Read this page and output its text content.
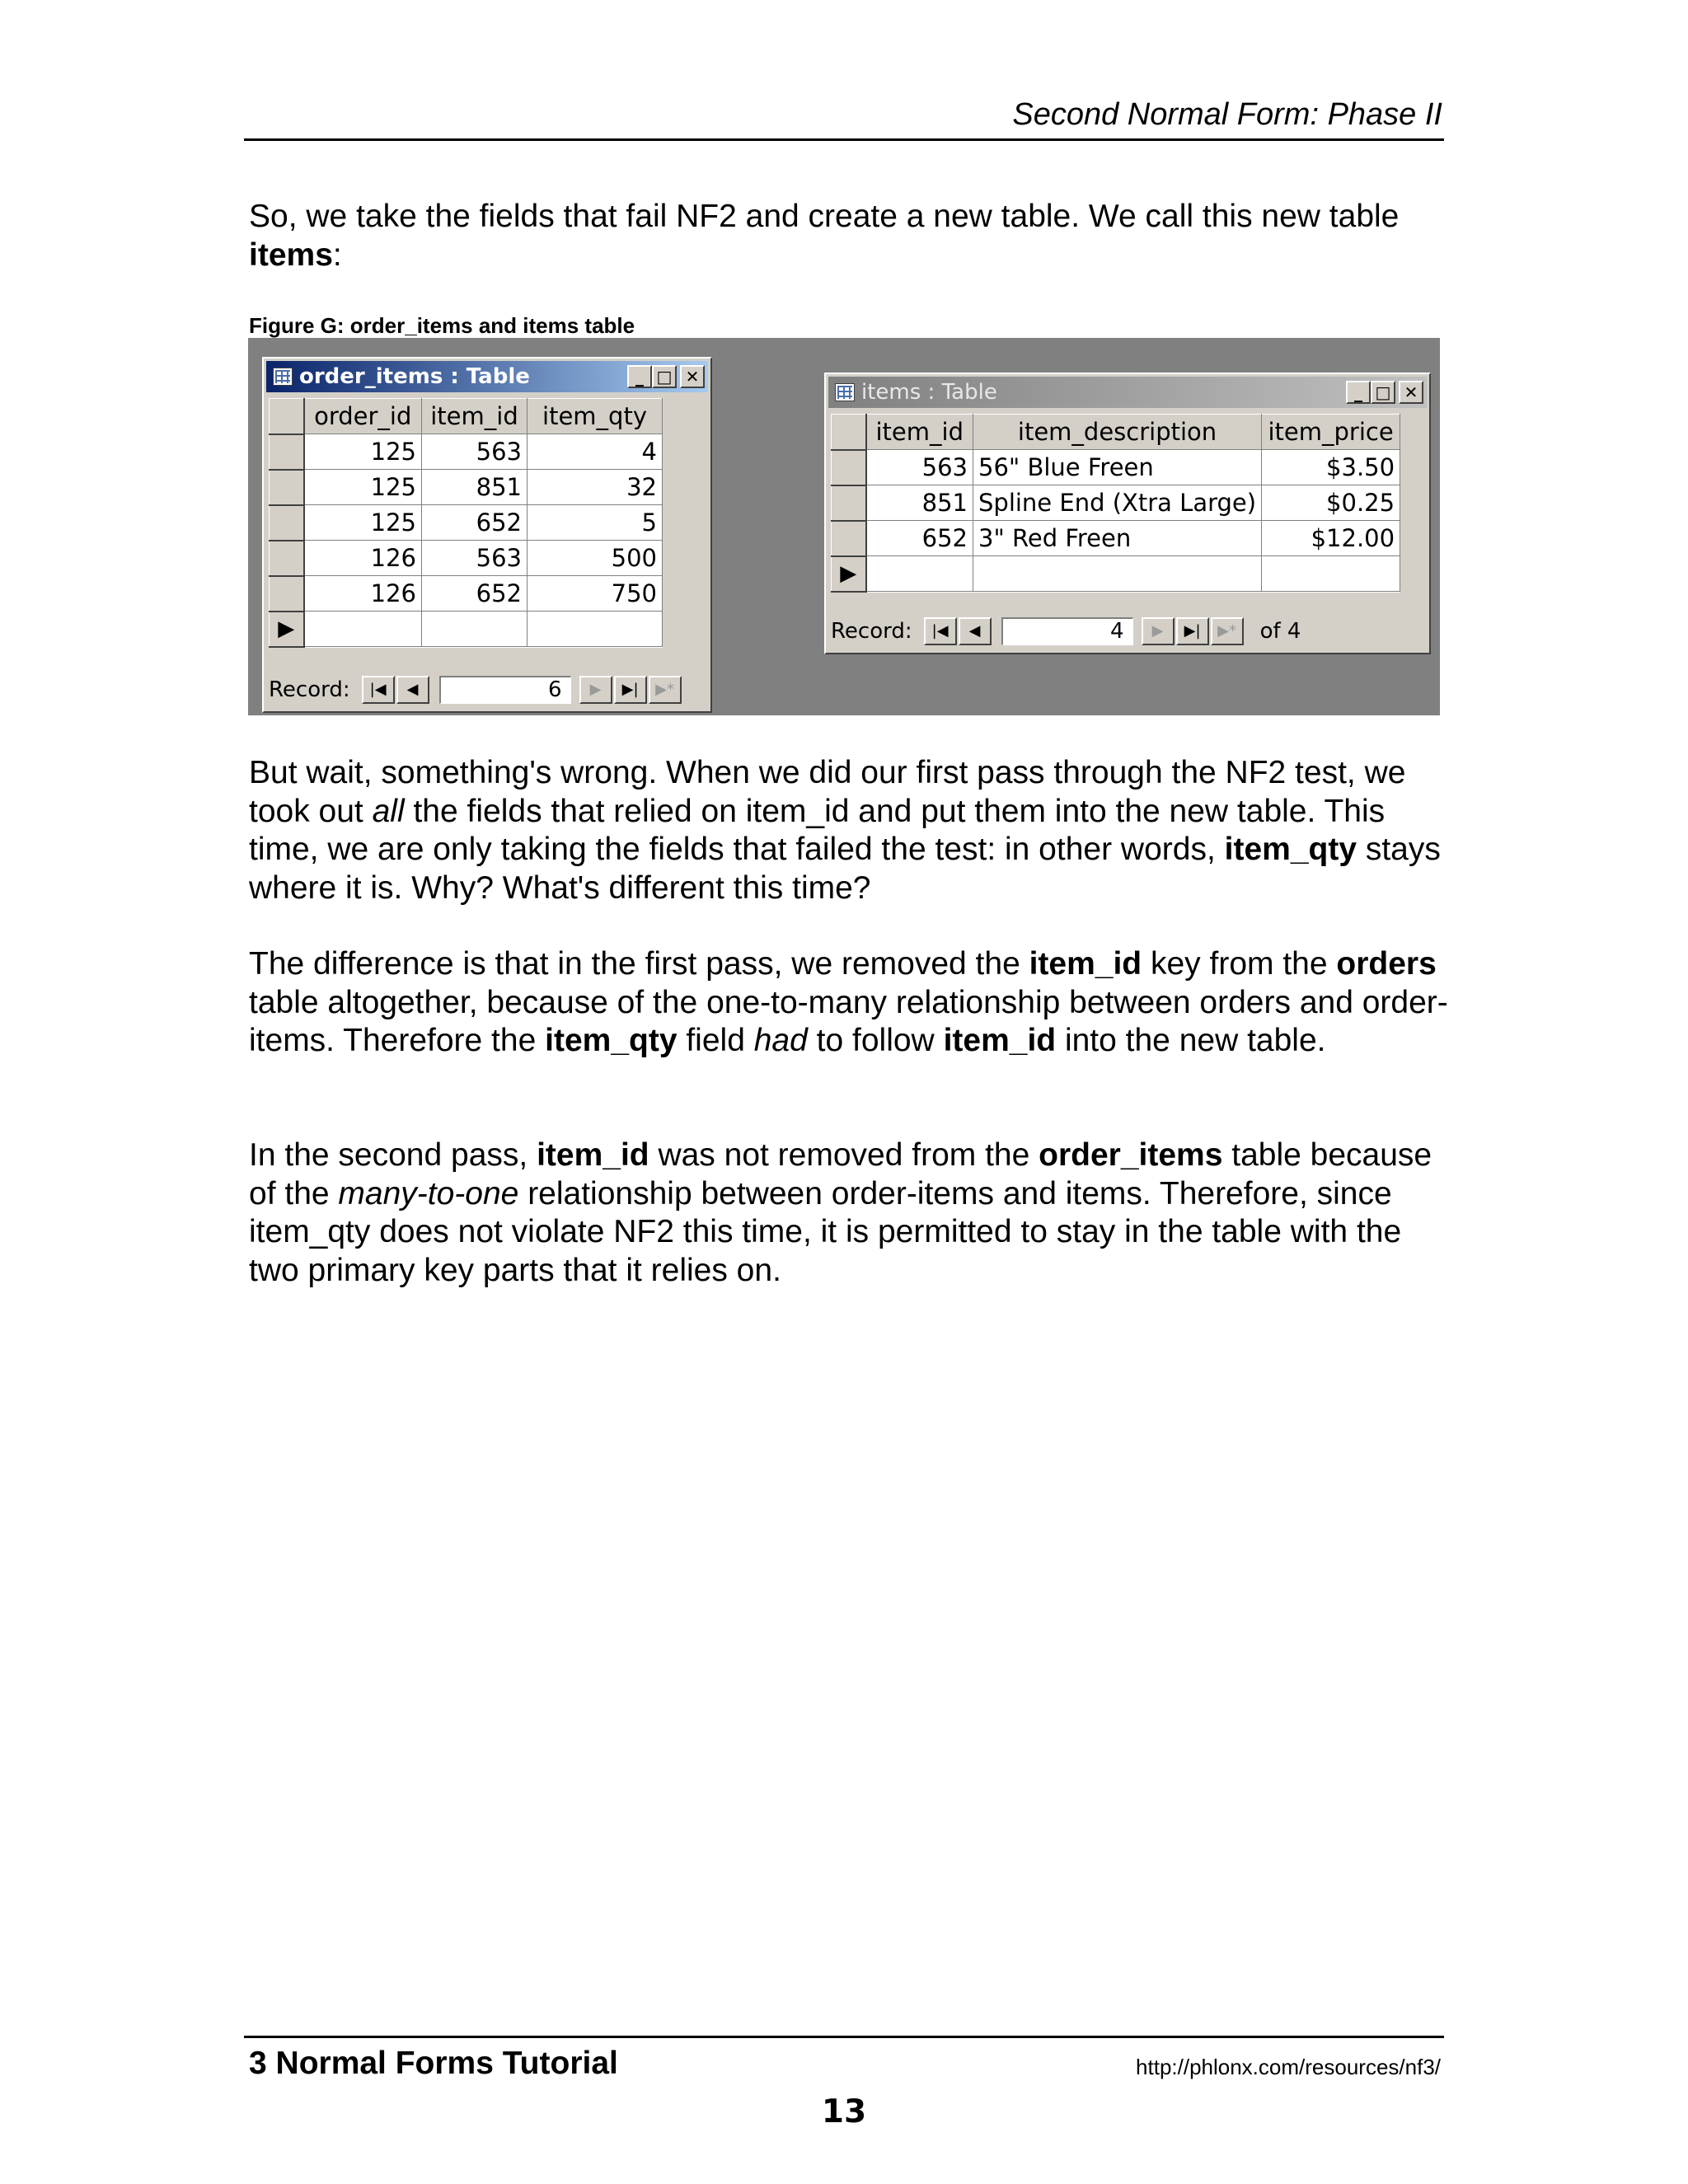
Second Normal Form: Phase II

So, we take the fields that fail NF2 and create a new table. We call this new table items:

Figure G: order_items and items table
order_items : Table	_ □ ✕
	order_id	item_id	item_qty
	125	563	4
	125	851	32
	125	652	5
	126	563	500
	126	652	750
▶			
Record:	|◀	◀	6	▶	▶|	▶*
items : Table	_ □ ✕
	item_id	item_description	item_price
	563	56" Blue Freen	$3.50
	851	Spline End (Xtra Large)	$0.25
	652	3" Red Freen	$12.00
▶			
Record:	|◀	◀	4	▶	▶|	▶*	of 4

But wait, something's wrong. When we did our first pass through the NF2 test, we took out all the fields that relied on item_id and put them into the new table. This time, we are only taking the fields that failed the test: in other words, item_qty stays where it is. Why? What's different this time?

The difference is that in the first pass, we removed the item_id key from the orders table altogether, because of the one-to-many relationship between orders and order-items. Therefore the item_qty field had to follow item_id into the new table.

In the second pass, item_id was not removed from the order_items table because of the many-to-one relationship between order-items and items. Therefore, since item_qty does not violate NF2 this time, it is permitted to stay in the table with the two primary key parts that it relies on.

3 Normal Forms Tutorial	http://phlonx.com/resources/nf3/
13
